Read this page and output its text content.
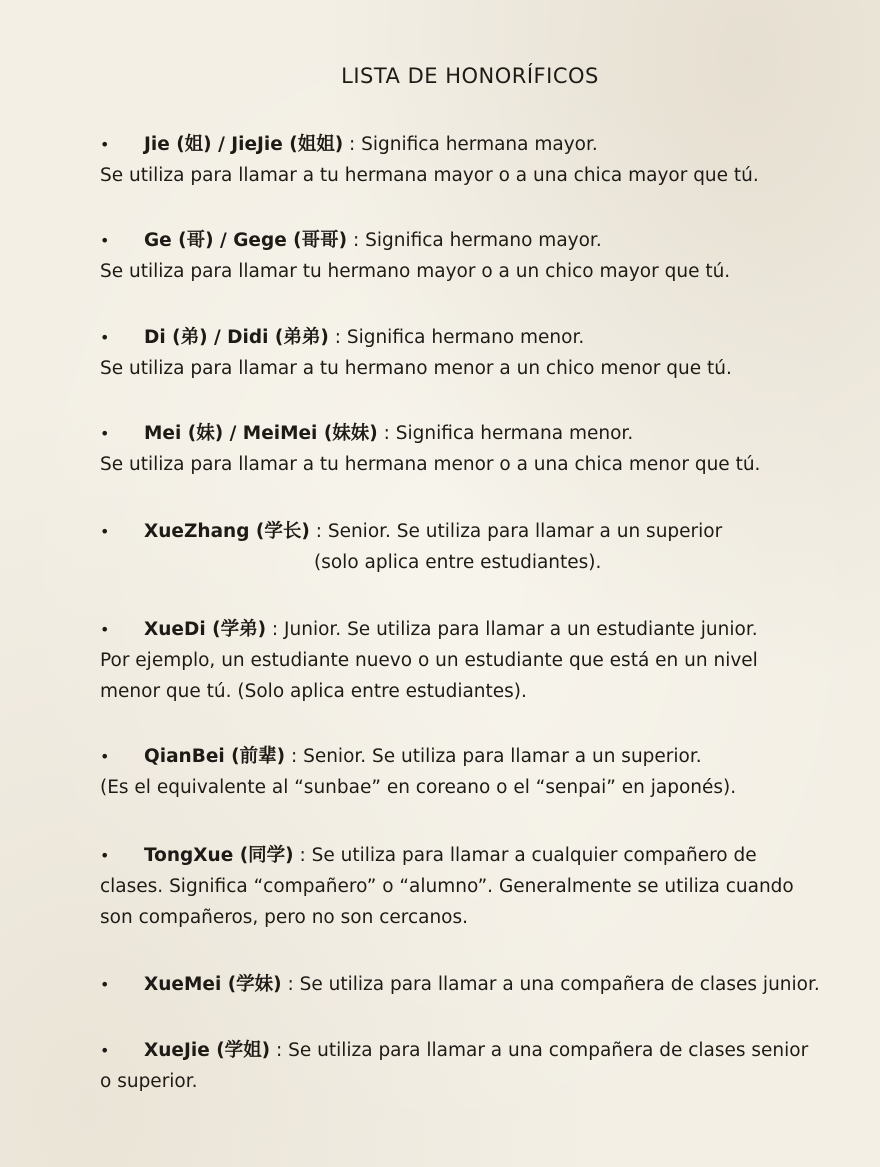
LISTA DE HONORÍFICOS
• Jie (姐) / JieJie (姐姐) : Significa hermana mayor.
Se utiliza para llamar a tu hermana mayor o a una chica mayor que tú.
• Ge (哥) / Gege (哥哥) : Significa hermano mayor.
Se utiliza para llamar tu hermano mayor o a un chico mayor que tú.
• Di (弟) / Didi (弟弟) : Significa hermano menor.
Se utiliza para llamar a tu hermano menor a un chico menor que tú.
• Mei (妹) / MeiMei (妹妹) : Significa hermana menor.
Se utiliza para llamar a tu hermana menor o a una chica menor que tú.
• XueZhang (学长) : Senior. Se utiliza para llamar a un superior
(solo aplica entre estudiantes).
• XueDi (学弟) : Junior. Se utiliza para llamar a un estudiante junior.
Por ejemplo, un estudiante nuevo o un estudiante que está en un nivel
menor que tú. (Solo aplica entre estudiantes).
• QianBei (前辈) : Senior. Se utiliza para llamar a un superior.
(Es el equivalente al “sunbae” en coreano o el “senpai” en japonés).
• TongXue (同学) : Se utiliza para llamar a cualquier compañero de
clases. Significa “compañero” o “alumno”. Generalmente se utiliza cuando
son compañeros, pero no son cercanos.
• XueMei (学妹) : Se utiliza para llamar a una compañera de clases junior.
• XueJie (学姐) : Se utiliza para llamar a una compañera de clases senior
o superior.
